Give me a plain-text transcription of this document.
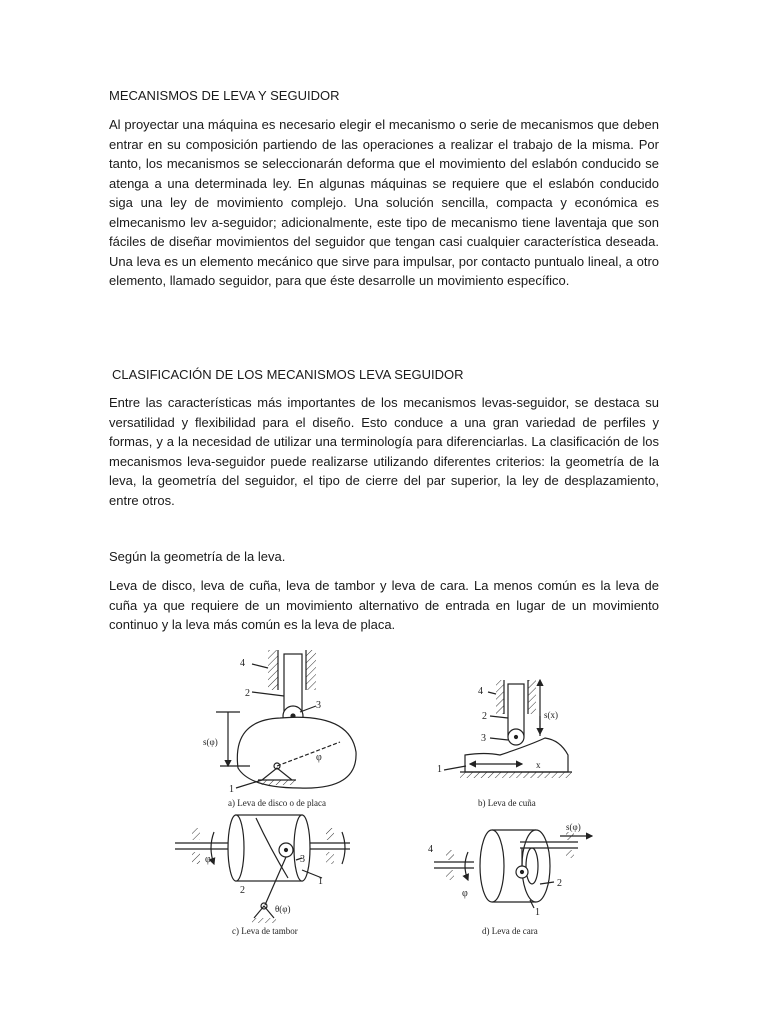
MECANISMOS DE LEVA Y SEGUIDOR

Al proyectar una máquina es necesario elegir el mecanismo o serie de mecanismos que deben entrar en su composición partiendo de las operaciones a realizar el trabajo de la misma. Por tanto, los mecanismos se seleccionarán deforma que el movimiento del eslabón conducido se atenga a una determinada ley. En algunas máquinas se requiere que el eslabón conducido siga una ley de movimiento complejo. Una solución sencilla, compacta y económica es elmecanismo lev a-seguidor; adicionalmente, este tipo de mecanismo tiene laventaja que son fáciles de diseñar movimientos del seguidor que tengan casi cualquier característica deseada. Una leva es un elemento mecánico que sirve para impulsar, por contacto puntualo lineal, a otro elemento, llamado seguidor, para que éste desarrolle un movimiento específico.

CLASIFICACIÓN DE LOS MECANISMOS LEVA SEGUIDOR

Entre las características más importantes de los mecanismos levas-seguidor, se destaca su versatilidad y flexibilidad para el diseño. Esto conduce a una gran variedad de perfiles y formas, y a la necesidad de utilizar una terminología para diferenciarlas. La clasificación de los mecanismos leva-seguidor puede realizarse utilizando diferentes criterios: la geometría de la leva, la geometría del seguidor, el tipo de cierre del par superior, la ley de desplazamiento, entre otros.

Según la geometría de la leva.

Leva de disco, leva de cuña, leva de tambor y leva de cara. La menos común es la leva de cuña ya que requiere de un movimiento alternativo de entrada en lugar de un movimiento continuo y la leva más común es la leva de placa.

4
2
3
1
s(φ)
φ
a) Leva de disco o de placa
4
2
3
1
s(x)
x
b) Leva de cuña
φ	3
1
2
θ(φ)
c) Leva de tambor
4
φ
2
1
s(φ)
d) Leva de cara
